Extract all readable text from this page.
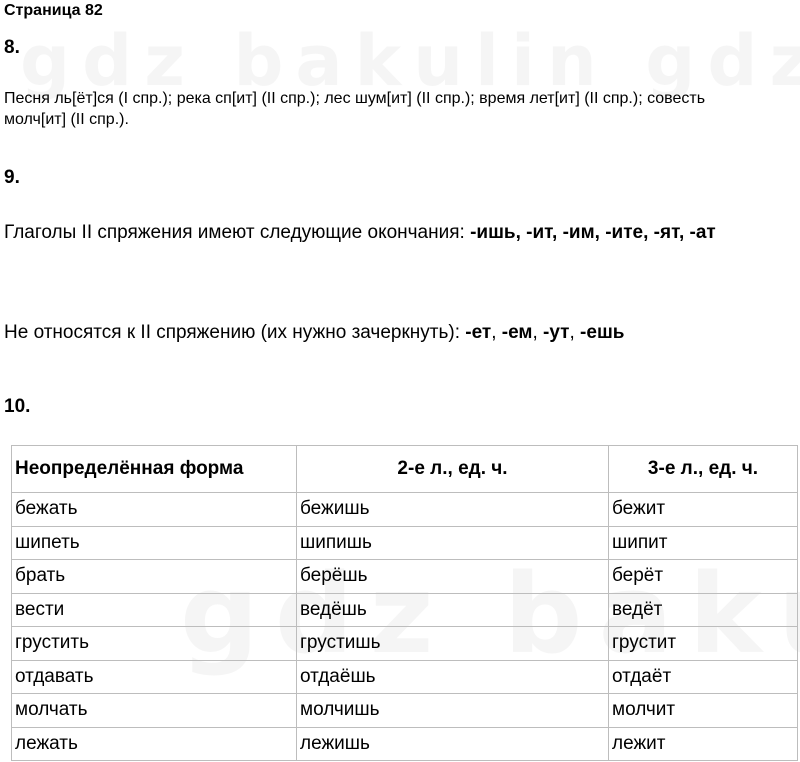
Страница 82
8.
Песня ль[ёт]ся (I спр.); река сп[ит] (II спр.); лес шум[ит] (II спр.); время лет[ит] (II спр.); совесть молч[ит] (II спр.).
9.
Глаголы II спряжения имеют следующие окончания: -ишь, -ит, -им, -ите, -ят, -ат
Не относятся к II спряжению (их нужно зачеркнуть): -ет, -ем, -ут, -ешь
10.
Неопределённая форма	2-е л., ед. ч.	3-е л., ед. ч.
бежать	бежишь	бежит
шипеть	шипишь	шипит
брать	берёшь	берёт
вести	ведёшь	ведёт
грустить	грустишь	грустит
отдавать	отдаёшь	отдаёт
молчать	молчишь	молчит
лежать	лежишь	лежит
